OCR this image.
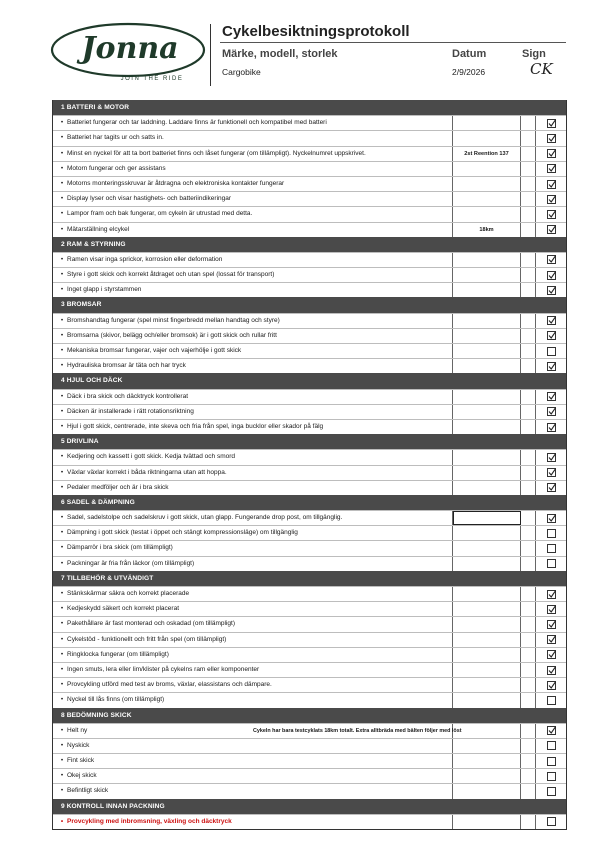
Jonna
JOIN THE RIDE
Cykelbesiktningsprotokoll
Märke, modell, storlek	Datum	Sign
Cargobike	2/9/2026	CK
1 BATTERI & MOTOR
• Batteriet fungerar och tar laddning. Laddare finns är funktionell och kompatibel med batteri
• Batteriet har tagits ur och satts in.
• Minst en nyckel för att ta bort batteriet finns och låset fungerar (om tillämpligt). Nyckelnumret uppskrivet.	2st Reention 137
• Motorn fungerar och ger assistans
• Motorns monteringsskruvar är åtdragna och elektroniska kontakter fungerar
• Display lyser och visar hastighets- och batteriindikeringar
• Lampor fram och bak fungerar, om cykeln är utrustad med detta.
• Mätarställning elcykel	18km
2 RAM & STYRNING
• Ramen visar inga sprickor, korrosion eller deformation
• Styre i gott skick och korrekt åtdraget och utan spel (lossat för transport)
• Inget glapp i styrstammen
3 BROMSAR
• Bromshandtag fungerar (spel minst fingerbredd mellan handtag och styre)
• Bromsarna (skivor, belägg och/eller bromsok) är i gott skick och rullar fritt
• Mekaniska bromsar fungerar, vajer och vajerhölje i gott skick
• Hydrauliska bromsar är täta och har tryck
4 HJUL OCH DÄCK
• Däck i bra skick och däcktryck kontrollerat
• Däcken är installerade i rätt rotationsriktning
• Hjul i gott skick, centrerade, inte skeva och fria från spel, inga bucklor eller skador på fälg
5 DRIVLINA
• Kedjering och kassett i gott skick. Kedja tvättad och smord
• Växlar växlar korrekt i båda riktningarna utan att hoppa.
• Pedaler medföljer och är i bra skick
6 SADEL & DÄMPNING
• Sadel, sadelstolpe och sadelskruv i gott skick, utan glapp. Fungerande drop post, om tillgänglig.
• Dämpning i gott skick (testat i öppet och stängt kompressionsläge) om tillgänglig
• Dämparrör i bra skick (om tillämpligt)
• Packningar är fria från läckor (om tillämpligt)
7 TILLBEHÖR & UTVÄNDIGT
• Stänkskärmar säkra och korrekt placerade
• Kedjeskydd säkert och korrekt placerat
• Pakethållare är fast monterad och oskadad (om tillämpligt)
• Cykelstöd - funktionellt och fritt från spel (om tillämpligt)
• Ringklocka fungerar (om tillämpligt)
• Ingen smuts, lera eller lim/klister på cykelns ram eller komponenter
• Provcykling utförd med test av broms, växlar, elassistans och dämpare.
• Nyckel till lås finns (om tillämpligt)
8 BEDÖMNING SKICK
• Helt ny	Cykeln har bara testcyklats 18km totalt. Extra alltbräda med bälten följer med löst
• Nyskick
• Fint skick
• Okej skick
• Befintligt skick
9 KONTROLL INNAN PACKNING
• Provcykling med inbromsning, växling och däcktryck
